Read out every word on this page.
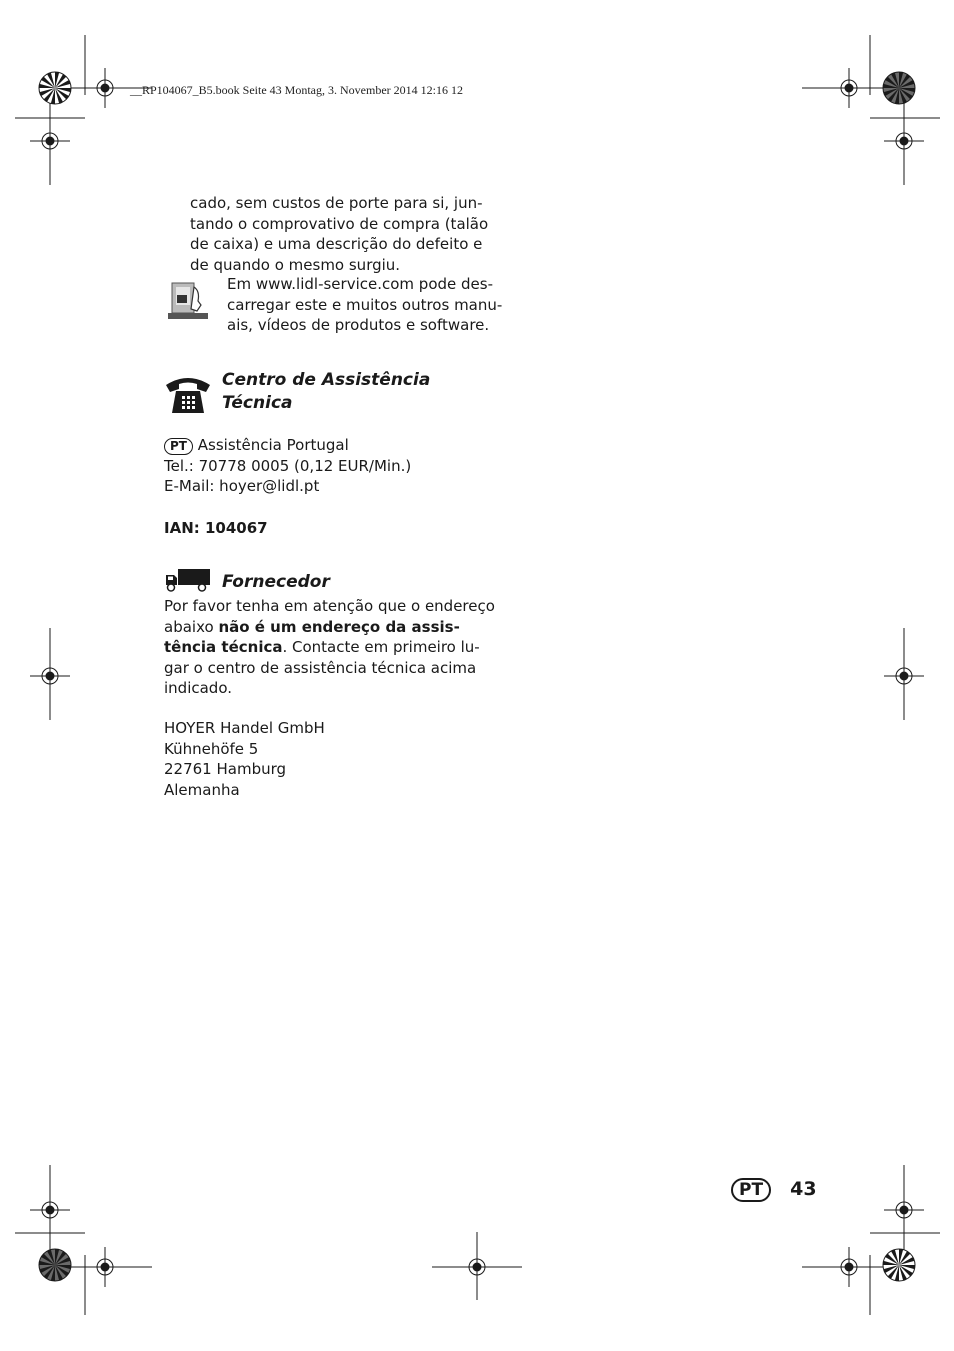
__RP104067_B5.book Seite 43 Montag, 3. November 2014 12:16 12
cado, sem custos de porte para si, jun-
tando o comprovativo de compra (talão
de caixa) e uma descrição do defeito e
de quando o mesmo surgiu.
Em www.lidl-service.com pode des-
carregar este e muitos outros manu-
ais, vídeos de produtos e software.
Centro de Assistência
Técnica
PT Assistência Portugal
Tel.: 70778 0005 (0,12 EUR/Min.)
E-Mail: hoyer@lidl.pt
IAN: 104067
Fornecedor
Por favor tenha em atenção que o endereço
abaixo não é um endereço da assis-
tência técnica. Contacte em primeiro lu-
gar o centro de assistência técnica acima
indicado.
HOYER Handel GmbH
Kühnehöfe 5
22761 Hamburg
Alemanha
PT 43
